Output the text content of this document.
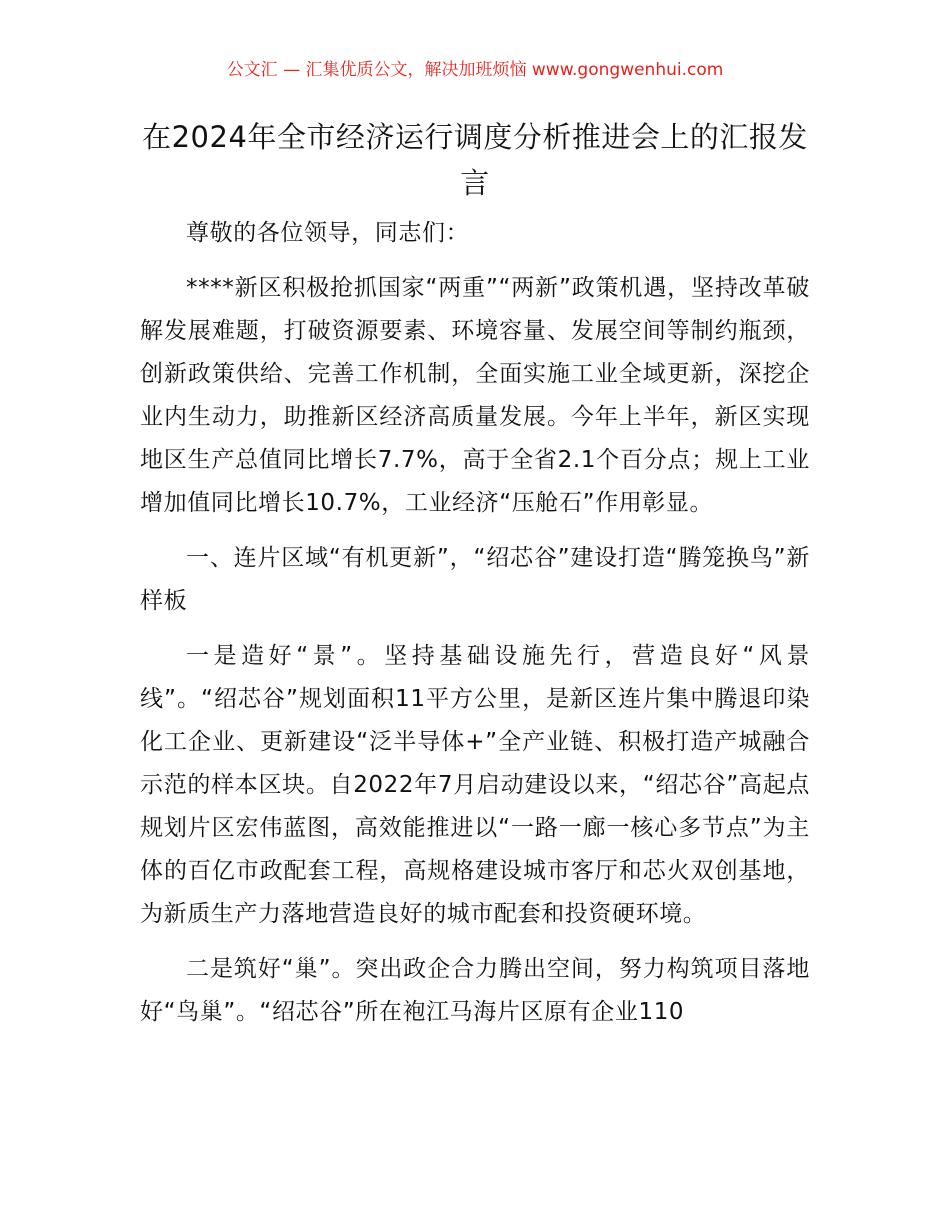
公文汇 — 汇集优质公文，解决加班烦恼 www.gongwenhui.com
在2024年全市经济运行调度分析推进会上的汇报发言

尊敬的各位领导，同志们：

****新区积极抢抓国家“两重”“两新”政策机遇，坚持改革破解发展难题，打破资源要素、环境容量、发展空间等制约瓶颈，创新政策供给、完善工作机制，全面实施工业全域更新，深挖企业内生动力，助推新区经济高质量发展。今年上半年，新区实现地区生产总值同比增长7.7%，高于全省2.1个百分点；规上工业增加值同比增长10.7%，工业经济“压舱石”作用彰显。

一、连片区域“有机更新”，“绍芯谷”建设打造“腾笼换鸟”新样板

一是造好“景”。坚持基础设施先行，营造良好“风景线”。“绍芯谷”规划面积11平方公里，是新区连片集中腾退印染化工企业、更新建设“泛半导体+”全产业链、积极打造产城融合示范的样本区块。自2022年7月启动建设以来，“绍芯谷”高起点规划片区宏伟蓝图，高效能推进以“一路一廊一核心多节点”为主体的百亿市政配套工程，高规格建设城市客厅和芯火双创基地，为新质生产力落地营造良好的城市配套和投资硬环境。

二是筑好“巢”。突出政企合力腾出空间，努力构筑项目落地好“鸟巢”。“绍芯谷”所在袍江马海片区原有企业110
